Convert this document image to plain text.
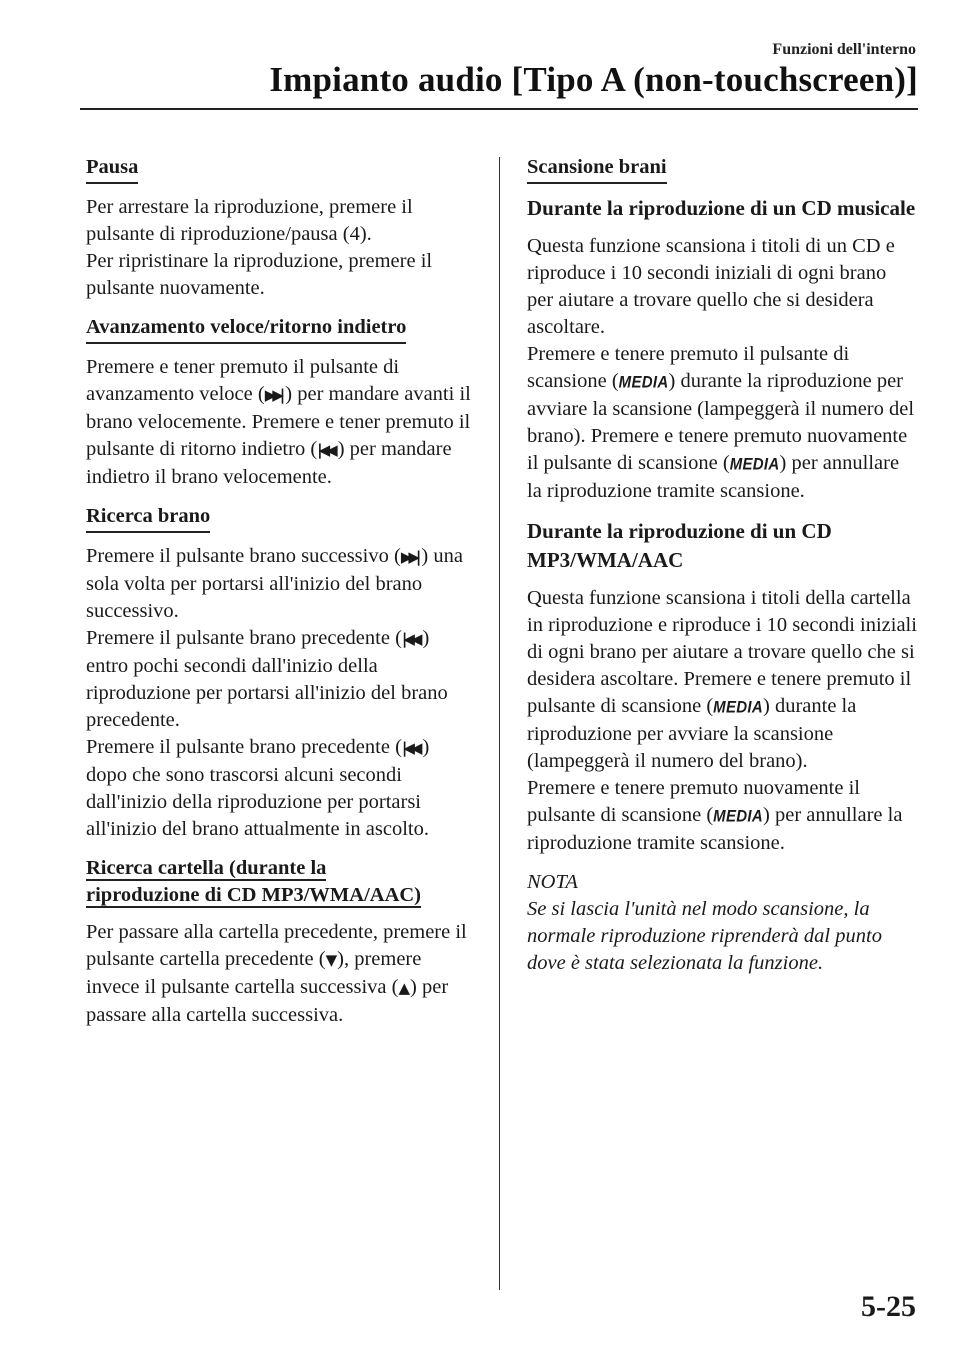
Funzioni dell'interno
Impianto audio [Tipo A (non-touchscreen)]
Pausa

Per arrestare la riproduzione, premere il pulsante di riproduzione/pausa (4).

Per ripristinare la riproduzione, premere il pulsante nuovamente.

Avanzamento veloce/ritorno indietro

Premere e tener premuto il pulsante di avanzamento veloce (▶▶| ) per mandare avanti il brano velocemente. Premere e tener premuto il pulsante di ritorno indietro (|◀◀ ) per mandare indietro il brano velocemente.

Ricerca brano

Premere il pulsante brano successivo (▶▶| ) una sola volta per portarsi all'inizio del brano successivo.

Premere il pulsante brano precedente (|◀◀ ) entro pochi secondi dall'inizio della riproduzione per portarsi all'inizio del brano precedente.

Premere il pulsante brano precedente (|◀◀ ) dopo che sono trascorsi alcuni secondi dall'inizio della riproduzione per portarsi all'inizio del brano attualmente in ascolto.

Ricerca cartella (durante la
riproduzione di CD MP3/WMA/AAC)

Per passare alla cartella precedente, premere il pulsante cartella precedente (▼), premere invece il pulsante cartella successiva (▲) per passare alla cartella successiva.

Scansione brani
Durante la riproduzione di un CD musicale

Questa funzione scansiona i titoli di un CD e riproduce i 10 secondi iniziali di ogni brano per aiutare a trovare quello che si desidera ascoltare.

Premere e tenere premuto il pulsante di scansione (MEDIA) durante la riproduzione per avviare la scansione (lampeggerà il numero del brano). Premere e tenere premuto nuovamente il pulsante di scansione (MEDIA) per annullare la riproduzione tramite scansione.

Durante la riproduzione di un CD MP3/WMA/AAC

Questa funzione scansiona i titoli della cartella in riproduzione e riproduce i 10 secondi iniziali di ogni brano per aiutare a trovare quello che si desidera ascoltare. Premere e tenere premuto il pulsante di scansione (MEDIA) durante la riproduzione per avviare la scansione (lampeggerà il numero del brano).

Premere e tenere premuto nuovamente il pulsante di scansione (MEDIA) per annullare la riproduzione tramite scansione.

NOTA

Se si lascia l'unità nel modo scansione, la normale riproduzione riprenderà dal punto dove è stata selezionata la funzione.

5-25
